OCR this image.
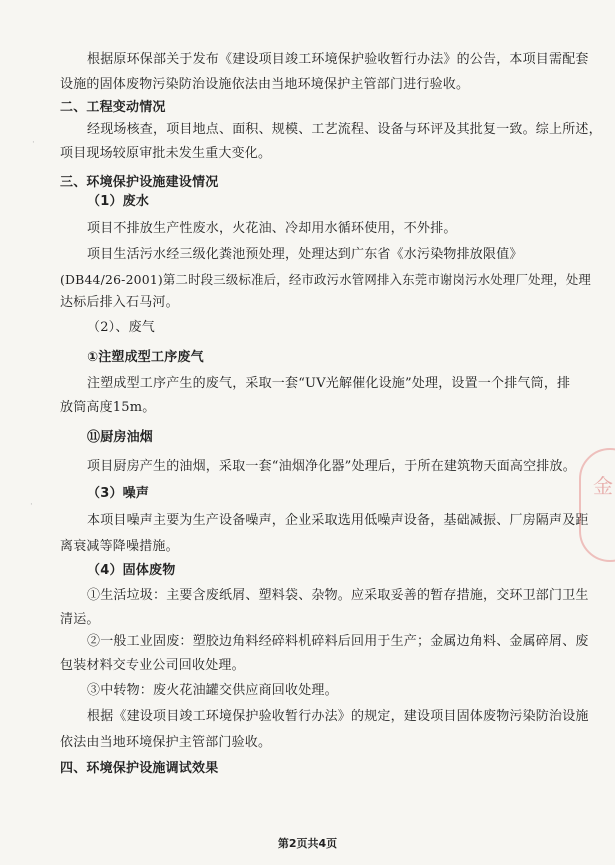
根据原环保部关于发布《建设项目竣工环境保护验收暂行办法》的公告，本项目需配套
设施的固体废物污染防治设施依法由当地环境保护主管部门进行验收。
二、工程变动情况
经现场核查，项目地点、面积、规模、工艺流程、设备与环评及其批复一致。综上所述，
项目现场较原审批未发生重大变化。
三、环境保护设施建设情况
（1）废水
项目不排放生产性废水，火花油、冷却用水循环使用，不外排。
项目生活污水经三级化粪池预处理，处理达到广东省《水污染物排放限值》
(DB44/26-2001)第二时段三级标准后，经市政污水管网排入东莞市谢岗污水处理厂处理，处理
达标后排入石马河。
（2）、废气
①注塑成型工序废气
注塑成型工序产生的废气，采取一套“UV光解催化设施”处理，设置一个排气筒，排
放筒高度15m。
⑪厨房油烟
项目厨房产生的油烟，采取一套“油烟净化器”处理后，于所在建筑物天面高空排放。
（3）噪声
本项目噪声主要为生产设备噪声，企业采取选用低噪声设备，基础减振、厂房隔声及距
离衰减等降噪措施。
（4）固体废物
①生活垃圾：主要含废纸屑、塑料袋、杂物。应采取妥善的暂存措施，交环卫部门卫生
清运。
②一般工业固废：塑胶边角料经碎料机碎料后回用于生产；金属边角料、金属碎屑、废
包装材料交专业公司回收处理。
③中转物：废火花油罐交供应商回收处理。
根据《建设项目竣工环境保护验收暂行办法》的规定，建设项目固体废物污染防治设施
依法由当地环境保护主管部门验收。
四、环境保护设施调试效果
第2页共4页
金
·
·
